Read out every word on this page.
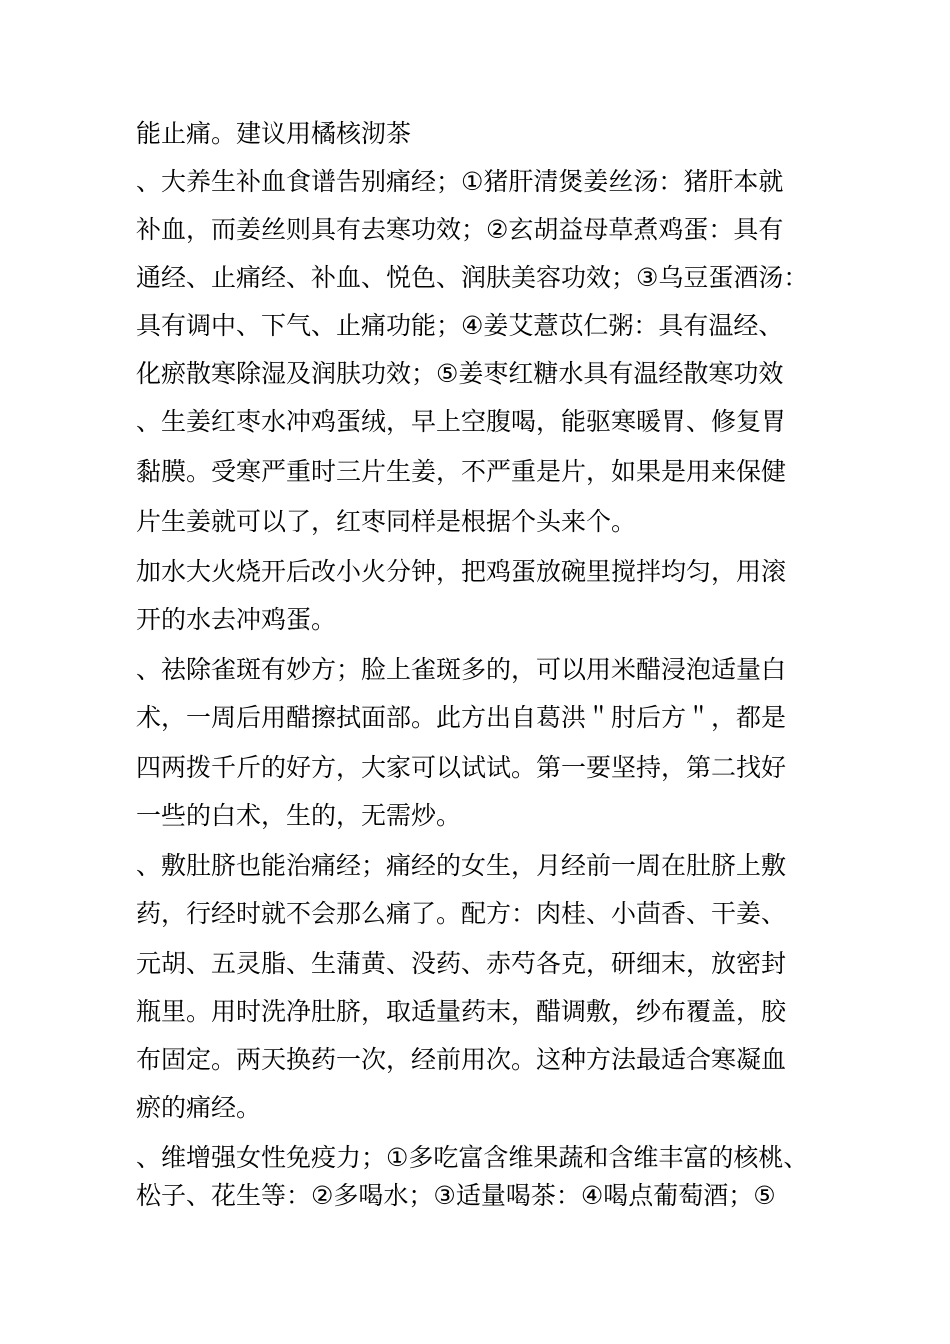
能止痛。建议用橘核沏茶
、大养生补血食谱告别痛经；①猪肝清煲姜丝汤：猪肝本就
补血，而姜丝则具有去寒功效；②玄胡益母草煮鸡蛋：具有
通经、止痛经、补血、悦色、润肤美容功效；③乌豆蛋酒汤：
具有调中、下气、止痛功能；④姜艾薏苡仁粥：具有温经、
化瘀散寒除湿及润肤功效；⑤姜枣红糖水具有温经散寒功效
、生姜红枣水冲鸡蛋绒，早上空腹喝，能驱寒暖胃、修复胃
黏膜。受寒严重时三片生姜，不严重是片，如果是用来保健
片生姜就可以了，红枣同样是根据个头来个。
加水大火烧开后改小火分钟，把鸡蛋放碗里搅拌均匀，用滚
开的水去冲鸡蛋。
、祛除雀斑有妙方；脸上雀斑多的，可以用米醋浸泡适量白
术，一周后用醋擦拭面部。此方出自葛洪＂肘后方＂，都是
四两拨千斤的好方，大家可以试试。第一要坚持，第二找好
一些的白术，生的，无需炒。
、敷肚脐也能治痛经；痛经的女生，月经前一周在肚脐上敷
药，行经时就不会那么痛了。配方：肉桂、小茴香、干姜、
元胡、五灵脂、生蒲黄、没药、赤芍各克，研细末，放密封
瓶里。用时洗净肚脐，取适量药末，醋调敷，纱布覆盖，胶
布固定。两天换药一次，经前用次。这种方法最适合寒凝血
瘀的痛经。
、维增强女性免疫力；①多吃富含维果蔬和含维丰富的核桃、
松子、花生等：②多喝水；③适量喝茶：④喝点葡萄酒；⑤
